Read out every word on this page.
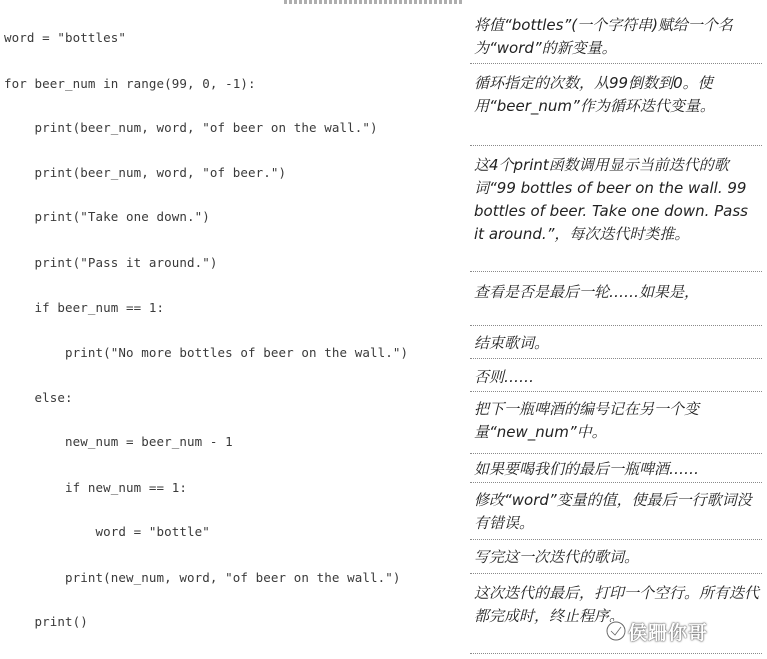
word = "bottles"
for beer_num in range(99, 0, -1):
print(beer_num, word, "of beer on the wall.")
print(beer_num, word, "of beer.")
print("Take one down.")
print("Pass it around.")
if beer_num == 1:
print("No more bottles of beer on the wall.")
else:
new_num = beer_num - 1
if new_num == 1:
word = "bottle"
print(new_num, word, "of beer on the wall.")
print()
将值“bottles”(一个字符串)赋给一个名为“word”的新变量。
循环指定的次数，从99倒数到0。使用“beer_num”作为循环迭代变量。
这4个print函数调用显示当前迭代的歌词“99 bottles of beer on the wall. 99 bottles of beer. Take one down. Pass it around.”，每次迭代时类推。
查看是否是最后一轮……如果是，
结束歌词。
否则……
把下一瓶啤酒的编号记在另一个变量“new_num”中。
如果要喝我们的最后一瓶啤酒……
修改“word”变量的值，使最后一行歌词没有错误。
写完这一次迭代的歌词。
这次迭代的最后，打印一个空行。所有迭代都完成时，终止程序。
侯跚你哥
